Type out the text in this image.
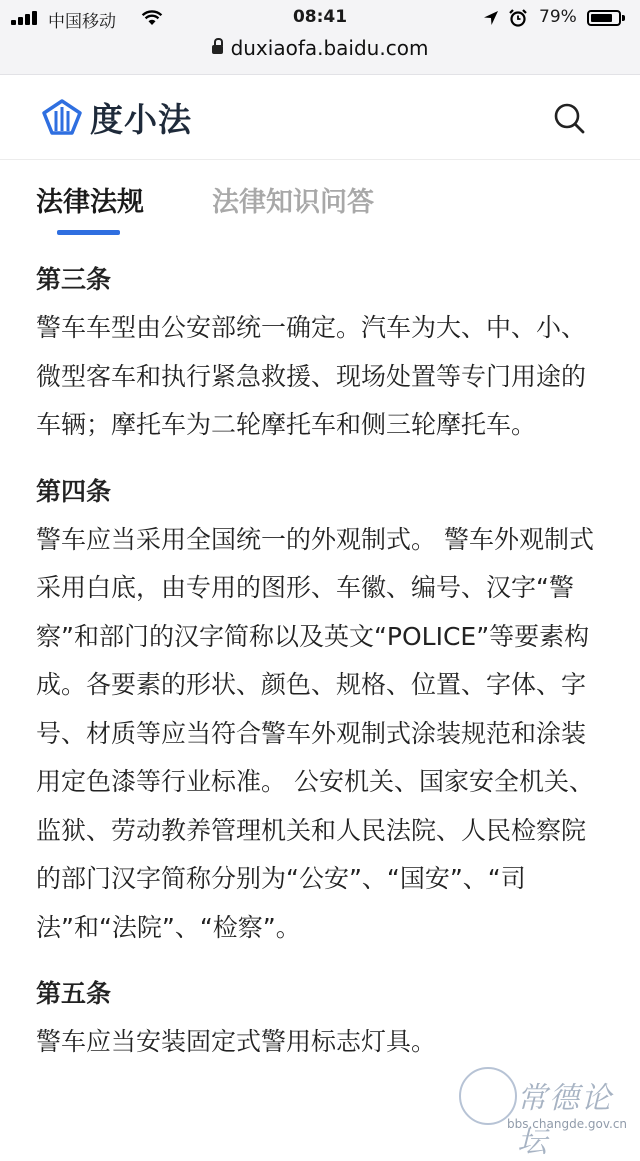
中国移动	08:41	79%
duxiaofa.baidu.com
度小法
法律法规	法律知识问答
第三条
警车车型由公安部统一确定。汽车为大、中、小、微型客车和执行紧急救援、现场处置等专门用途的车辆；摩托车为二轮摩托车和侧三轮摩托车。
第四条
警车应当采用全国统一的外观制式。 警车外观制式采用白底，由专用的图形、车徽、编号、汉字“警察”和部门的汉字简称以及英文“POLICE”等要素构成。各要素的形状、颜色、规格、位置、字体、字号、材质等应当符合警车外观制式涂装规范和涂装用定色漆等行业标准。 公安机关、国家安全机关、监狱、劳动教养管理机关和人民法院、人民检察院的部门汉字简称分别为“公安”、“国安”、“司法”和“法院”、“检察”。
第五条
警车应当安装固定式警用标志灯具。
常德论坛
bbs.changde.gov.cn
